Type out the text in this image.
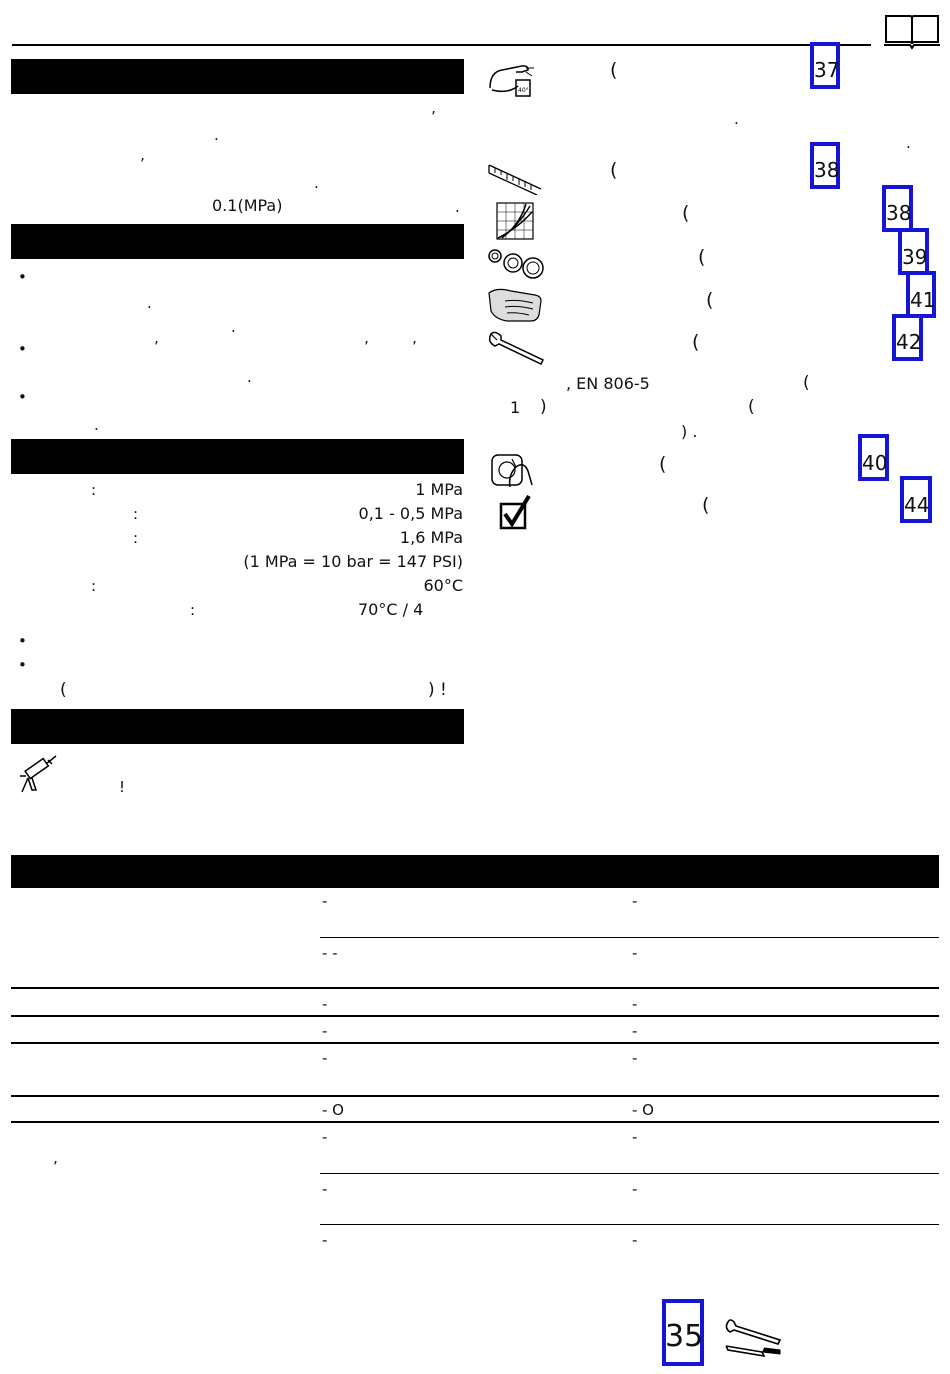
ʼ
.
ʼ
.
0.1(MPa)	.
•
.
.
•	ʼ	ʼ	ʼ
.
•
.
:	1 MPa
:	0,1 - 0,5 MPa
:	1,6 MPa
(1 MPa = 10 bar = 147 PSI)
:	60°C
:	70°C / 4
•
•
(	) !
!
40°
(	37
.
.
(	38
(	38
(	39
(	41
(	42
, EN 806-5	(
1 )	(
) .
(	40
(	44
-	-
- -	-
-	-
-	-
-	-
- O	- O
-	-
ʼ
-	-
-	-
35
